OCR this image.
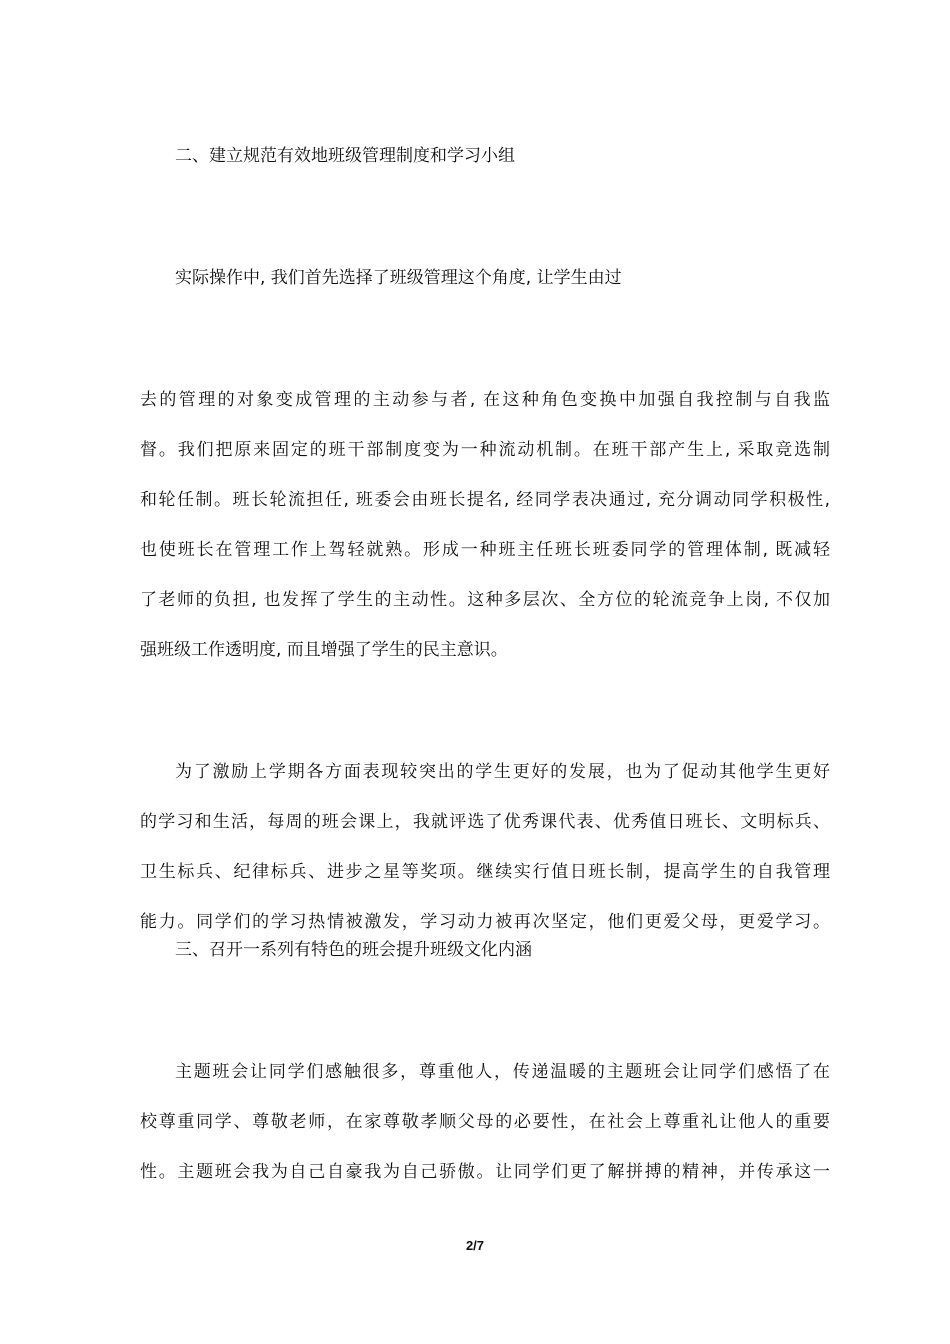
二、建立规范有效地班级管理制度和学习小组
实际操作中, 我们首先选择了班级管理这个角度, 让学生由过
去的管理的对象变成管理的主动参与者, 在这种角色变换中加强自我控制与自我监
督。我们把原来固定的班干部制度变为一种流动机制。在班干部产生上, 采取竞选制
和轮任制。班长轮流担任, 班委会由班长提名, 经同学表决通过, 充分调动同学积极性,
也使班长在管理工作上驾轻就熟。形成一种班主任班长班委同学的管理体制, 既减轻
了老师的负担, 也发挥了学生的主动性。这种多层次、全方位的轮流竞争上岗, 不仅加
强班级工作透明度, 而且增强了学生的民主意识。
为了激励上学期各方面表现较突出的学生更好的发展，也为了促动其他学生更好
的学习和生活，每周的班会课上，我就评选了优秀课代表、优秀值日班长、文明标兵、
卫生标兵、纪律标兵、进步之星等奖项。继续实行值日班长制，提高学生的自我管理
能力。同学们的学习热情被激发，学习动力被再次坚定，他们更爱父母，更爱学习。
三、召开一系列有特色的班会提升班级文化内涵
主题班会让同学们感触很多，尊重他人，传递温暖的主题班会让同学们感悟了在
校尊重同学、尊敬老师，在家尊敬孝顺父母的必要性，在社会上尊重礼让他人的重要
性。主题班会我为自己自豪我为自己骄傲。让同学们更了解拼搏的精神，并传承这一
2/7
